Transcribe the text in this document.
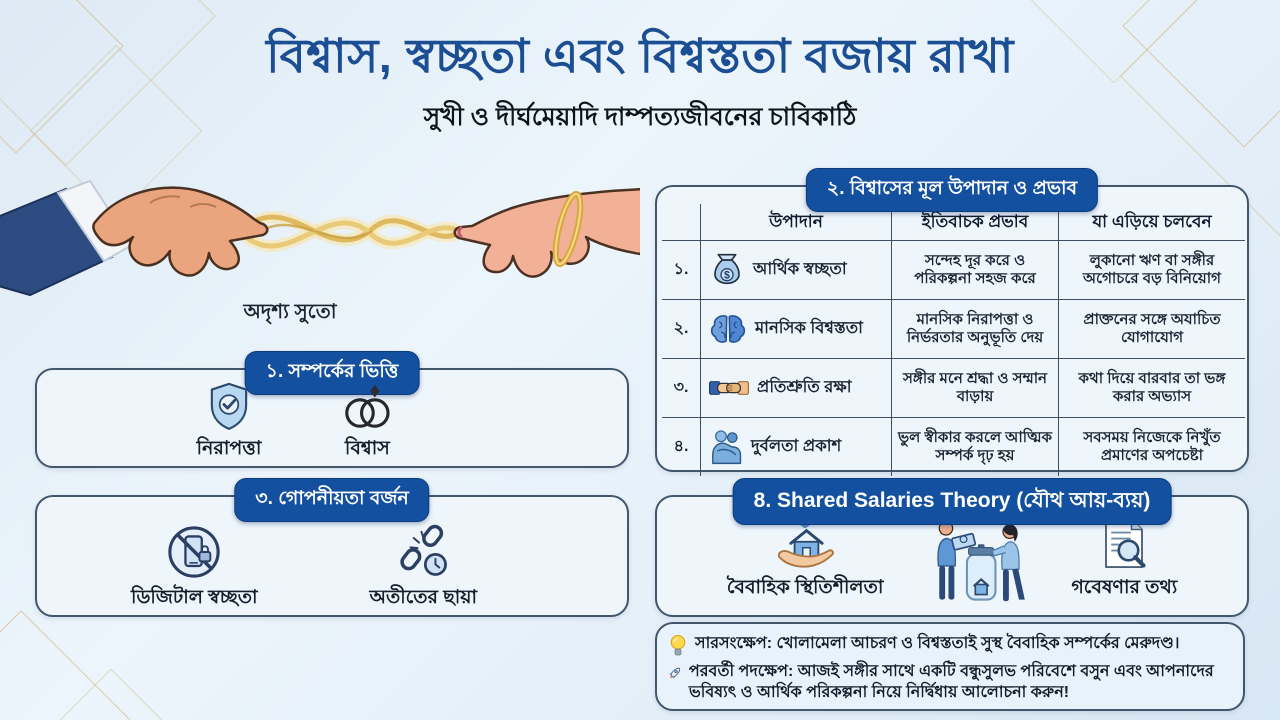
বিশ্বাস, স্বচ্ছতা এবং বিশ্বস্ততা বজায় রাখা
সুখী ও দীর্ঘমেয়াদি দাম্পত্যজীবনের চাবিকাঠি
অদৃশ্য সুতো
১. সম্পর্কের ভিত্তি
নিরাপত্তা	বিশ্বাস
৩. গোপনীয়তা বর্জন
ডিজিটাল স্বচ্ছতা	অতীতের ছায়া
২. বিশ্বাসের মূল উপাদান ও প্রভাব
	উপাদান	ইতিবাচক প্রভাব	যা এড়িয়ে চলবেন
১.	$ আর্থিক স্বচ্ছতা	সন্দেহ দূর করে ও পরিকল্পনা সহজ করে	লুকানো ঋণ বা সঙ্গীর অগোচরে বড় বিনিয়োগ
২.	মানসিক বিশ্বস্ততা	মানসিক নিরাপত্তা ও নির্ভরতার অনুভূতি দেয়	প্রাক্তনের সঙ্গে অযাচিত যোগাযোগ
৩.	প্রতিশ্রুতি রক্ষা	সঙ্গীর মনে শ্রদ্ধা ও সম্মান বাড়ায়	কথা দিয়ে বারবার তা ভঙ্গ করার অভ্যাস
৪.	দুর্বলতা প্রকাশ	ভুল স্বীকার করলে আত্মিক সম্পর্ক দৃঢ় হয়	সবসময় নিজেকে নিখুঁত প্রমাণের অপচেষ্টা
8. Shared Salaries Theory (যৌথ আয়-ব্যয়)
বৈবাহিক স্থিতিশীলতা	গবেষণার তথ্য
সারসংক্ষেপ: খোলামেলা আচরণ ও বিশ্বস্ততাই সুস্থ বৈবাহিক সম্পর্কের মেরুদণ্ড।
পরবর্তী পদক্ষেপ: আজই সঙ্গীর সাথে একটি বন্ধুসুলভ পরিবেশে বসুন এবং আপনাদের ভবিষ্যৎ ও আর্থিক পরিকল্পনা নিয়ে নির্দ্বিধায় আলোচনা করুন!
